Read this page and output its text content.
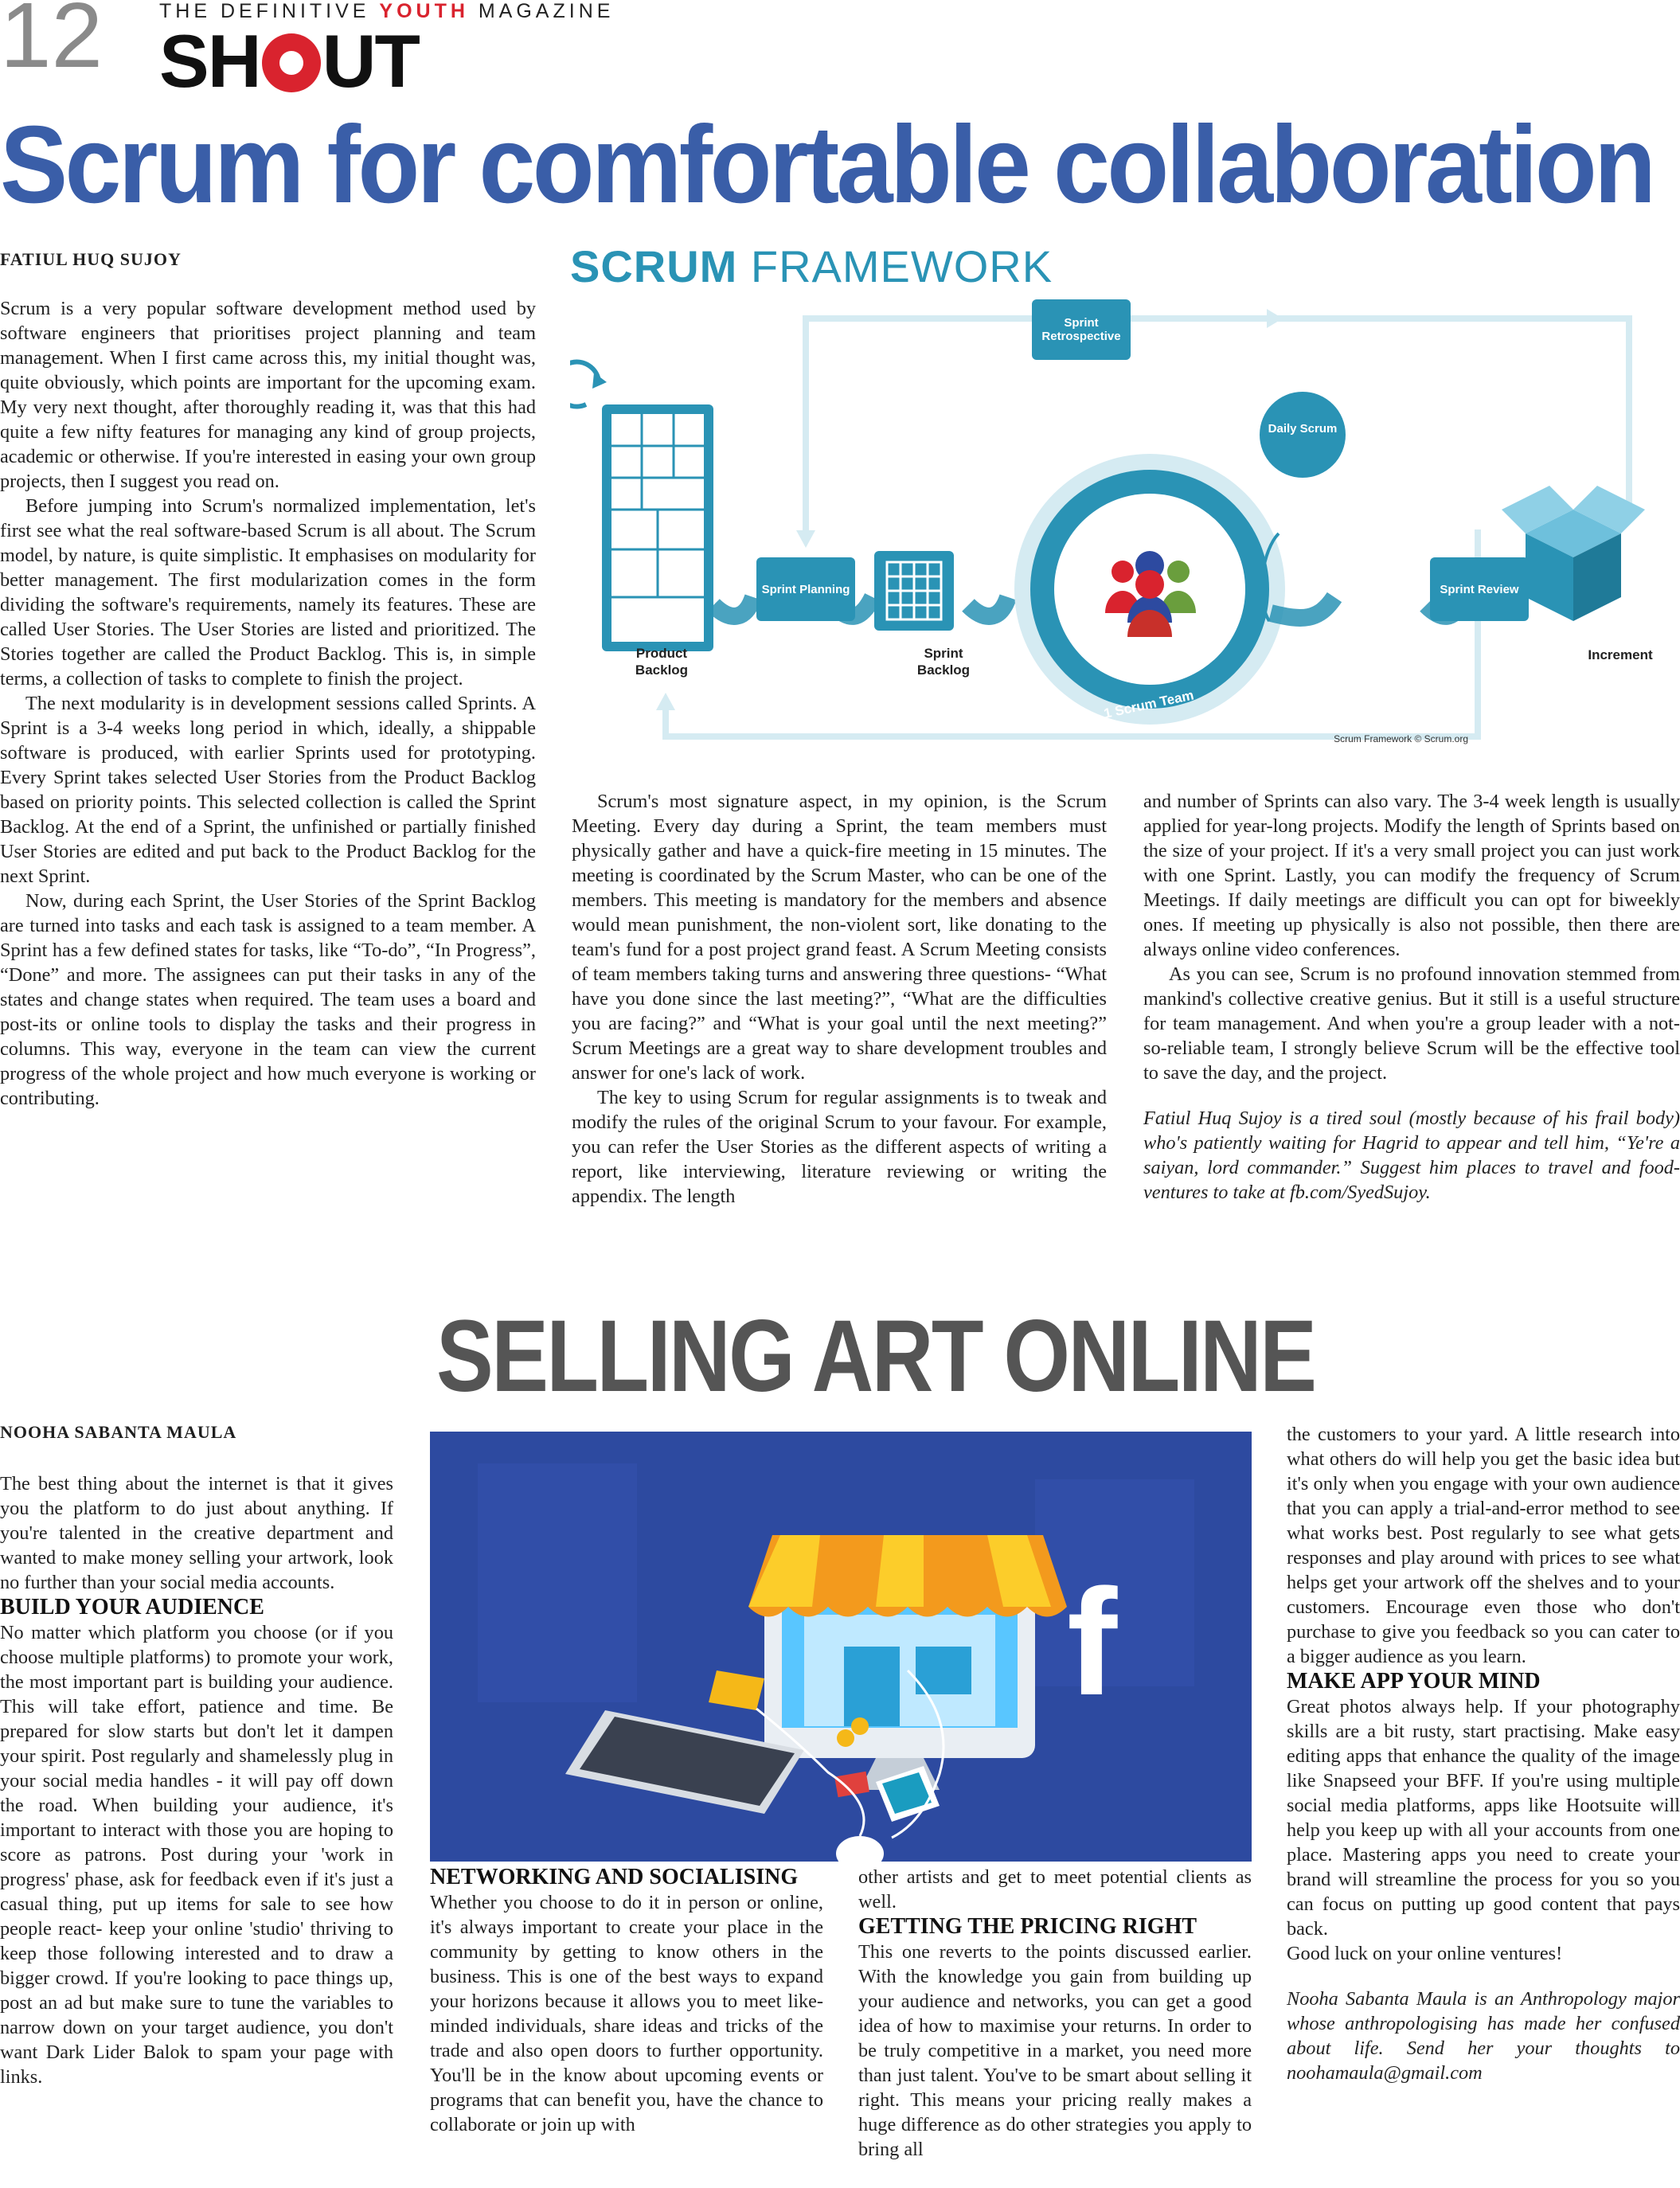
12	THE DEFINITIVE YOUTH MAGAZINE
SH UT
Scrum for comfortable collaboration
FATIUL HUQ SUJOY

Scrum is a very popular software development method used by software engineers that prioritises project planning and team management. When I first came across this, my initial thought was, quite obviously, which points are important for the upcoming exam. My very next thought, after thoroughly reading it, was that this had quite a few nifty features for managing any kind of group projects, academic or otherwise. If you're interested in easing your own group projects, then I suggest you read on.

Before jumping into Scrum's normalized implementation, let's first see what the real software-based Scrum is all about. The Scrum model, by nature, is quite simplistic. It emphasises on modularity for better management. The first modularization comes in the form dividing the software's requirements, namely its features. These are called User Stories. The User Stories are listed and prioritized. The Stories together are called the Product Backlog. This is, in simple terms, a collection of tasks to complete to finish the project.

The next modularity is in development sessions called Sprints. A Sprint is a 3-4 weeks long period in which, ideally, a shippable software is produced, with earlier Sprints used for prototyping. Every Sprint takes selected User Stories from the Product Backlog based on priority points. This selected collection is called the Sprint Backlog. At the end of a Sprint, the unfinished or partially finished User Stories are edited and put back to the Product Backlog for the next Sprint.

Now, during each Sprint, the User Stories of the Sprint Backlog are turned into tasks and each task is assigned to a team member. A Sprint has a few defined states for tasks, like “To-do”, “In Progress”, “Done” and more. The assignees can put their tasks in any of the states and change states when required. The team uses a board and post-its or online tools to display the tasks and their progress in columns. This way, everyone in the team can view the current progress of the whole project and how much everyone is working or contributing.

Scrum's most signature aspect, in my opinion, is the Scrum Meeting. Every day during a Sprint, the team members must physically gather and have a quick-fire meeting in 15 minutes. The meeting is coordinated by the Scrum Master, who can be one of the members. This meeting is mandatory for the members and absence would mean punishment, the non-violent sort, like donating to the team's fund for a post project grand feast. A Scrum Meeting consists of team members taking turns and answering three questions- “What have you done since the last meeting?”, “What are the difficulties you are facing?” and “What is your goal until the next meeting?” Scrum Meetings are a great way to share development troubles and answer for one's lack of work.

The key to using Scrum for regular assignments is to tweak and modify the rules of the original Scrum to your favour. For example, you can refer the User Stories as the different aspects of writing a report, like interviewing, literature reviewing or writing the appendix. The length

and number of Sprints can also vary. The 3-4 week length is usually applied for year-long projects. Modify the length of Sprints based on the size of your project. If it's a very small project you can just work with one Sprint. Lastly, you can modify the frequency of Scrum Meetings. If daily meetings are difficult you can opt for biweekly ones. If meeting up physically is also not possible, then there are always online video conferences.

As you can see, Scrum is no profound innovation stemmed from mankind's collective creative genius. But it still is a useful structure for team management. And when you're a group leader with a not-so-reliable team, I strongly believe Scrum will be the effective tool to save the day, and the project.

Fatiul Huq Sujoy is a tired soul (mostly because of his frail body) who's patiently waiting for Hagrid to appear and tell him, “Ye're a saiyan, lord commander.” Suggest him places to travel and food-ventures to take at fb.com/SyedSujoy.

SCRUM FRAMEWORK
1 Scrum Team
Scrum Framework © Scrum.org
Sprint Retrospective
Sprint Planning	Sprint Review
Daily Scrum
Product Backlog
Sprint Backlog
Increment
SELLING ART ONLINE
NOOHA SABANTA MAULA

The best thing about the internet is that it gives you the platform to do just about anything. If you're talented in the creative department and wanted to make money selling your artwork, look no further than your social media accounts.

BUILD YOUR AUDIENCE

No matter which platform you choose (or if you choose multiple platforms) to promote your work, the most important part is building your audience. This will take effort, patience and time. Be prepared for slow starts but don't let it dampen your spirit. Post regularly and shamelessly plug in your social media handles - it will pay off down the road. When building your audience, it's important to interact with those you are hoping to score as patrons. Post during your 'work in progress' phase, ask for feedback even if it's just a casual thing, put up items for sale to see how people react- keep your online 'studio' thriving to keep those following interested and to draw a bigger crowd. If you're looking to pace things up, post an ad but make sure to tune the variables to narrow down on your target audience, you don't want Dark Lider Balok to spam your page with links.

f
NETWORKING AND SOCIALISING

Whether you choose to do it in person or online, it's always important to create your place in the community by getting to know others in the business. This is one of the best ways to expand your horizons because it allows you to meet like-minded individuals, share ideas and tricks of the trade and also open doors to further opportunity. You'll be in the know about upcoming events or programs that can benefit you, have the chance to collaborate or join up with

other artists and get to meet potential clients as well.

GETTING THE PRICING RIGHT

This one reverts to the points discussed earlier. With the knowledge you gain from building up your audience and networks, you can get a good idea of how to maximise your returns. In order to be truly competitive in a market, you need more than just talent. You've to be smart about selling it right. This means your pricing really makes a huge difference as do other strategies you apply to bring all

the customers to your yard. A little research into what others do will help you get the basic idea but it's only when you engage with your own audience that you can apply a trial-and-error method to see what works best. Post regularly to see what gets responses and play around with prices to see what helps get your artwork off the shelves and to your customers. Encourage even those who don't purchase to give you feedback so you can cater to a bigger audience as you learn.

MAKE APP YOUR MIND

Great photos always help. If your photography skills are a bit rusty, start practising. Make easy editing apps that enhance the quality of the image like Snapseed your BFF. If you're using multiple social media platforms, apps like Hootsuite will help you keep up with all your accounts from one place. Mastering apps you need to create your brand will streamline the process for you so you can focus on putting up good content that pays back.

Good luck on your online ventures!

Nooha Sabanta Maula is an Anthropology major whose anthropologising has made her confused about life. Send her your thoughts to noohamaula@gmail.com
